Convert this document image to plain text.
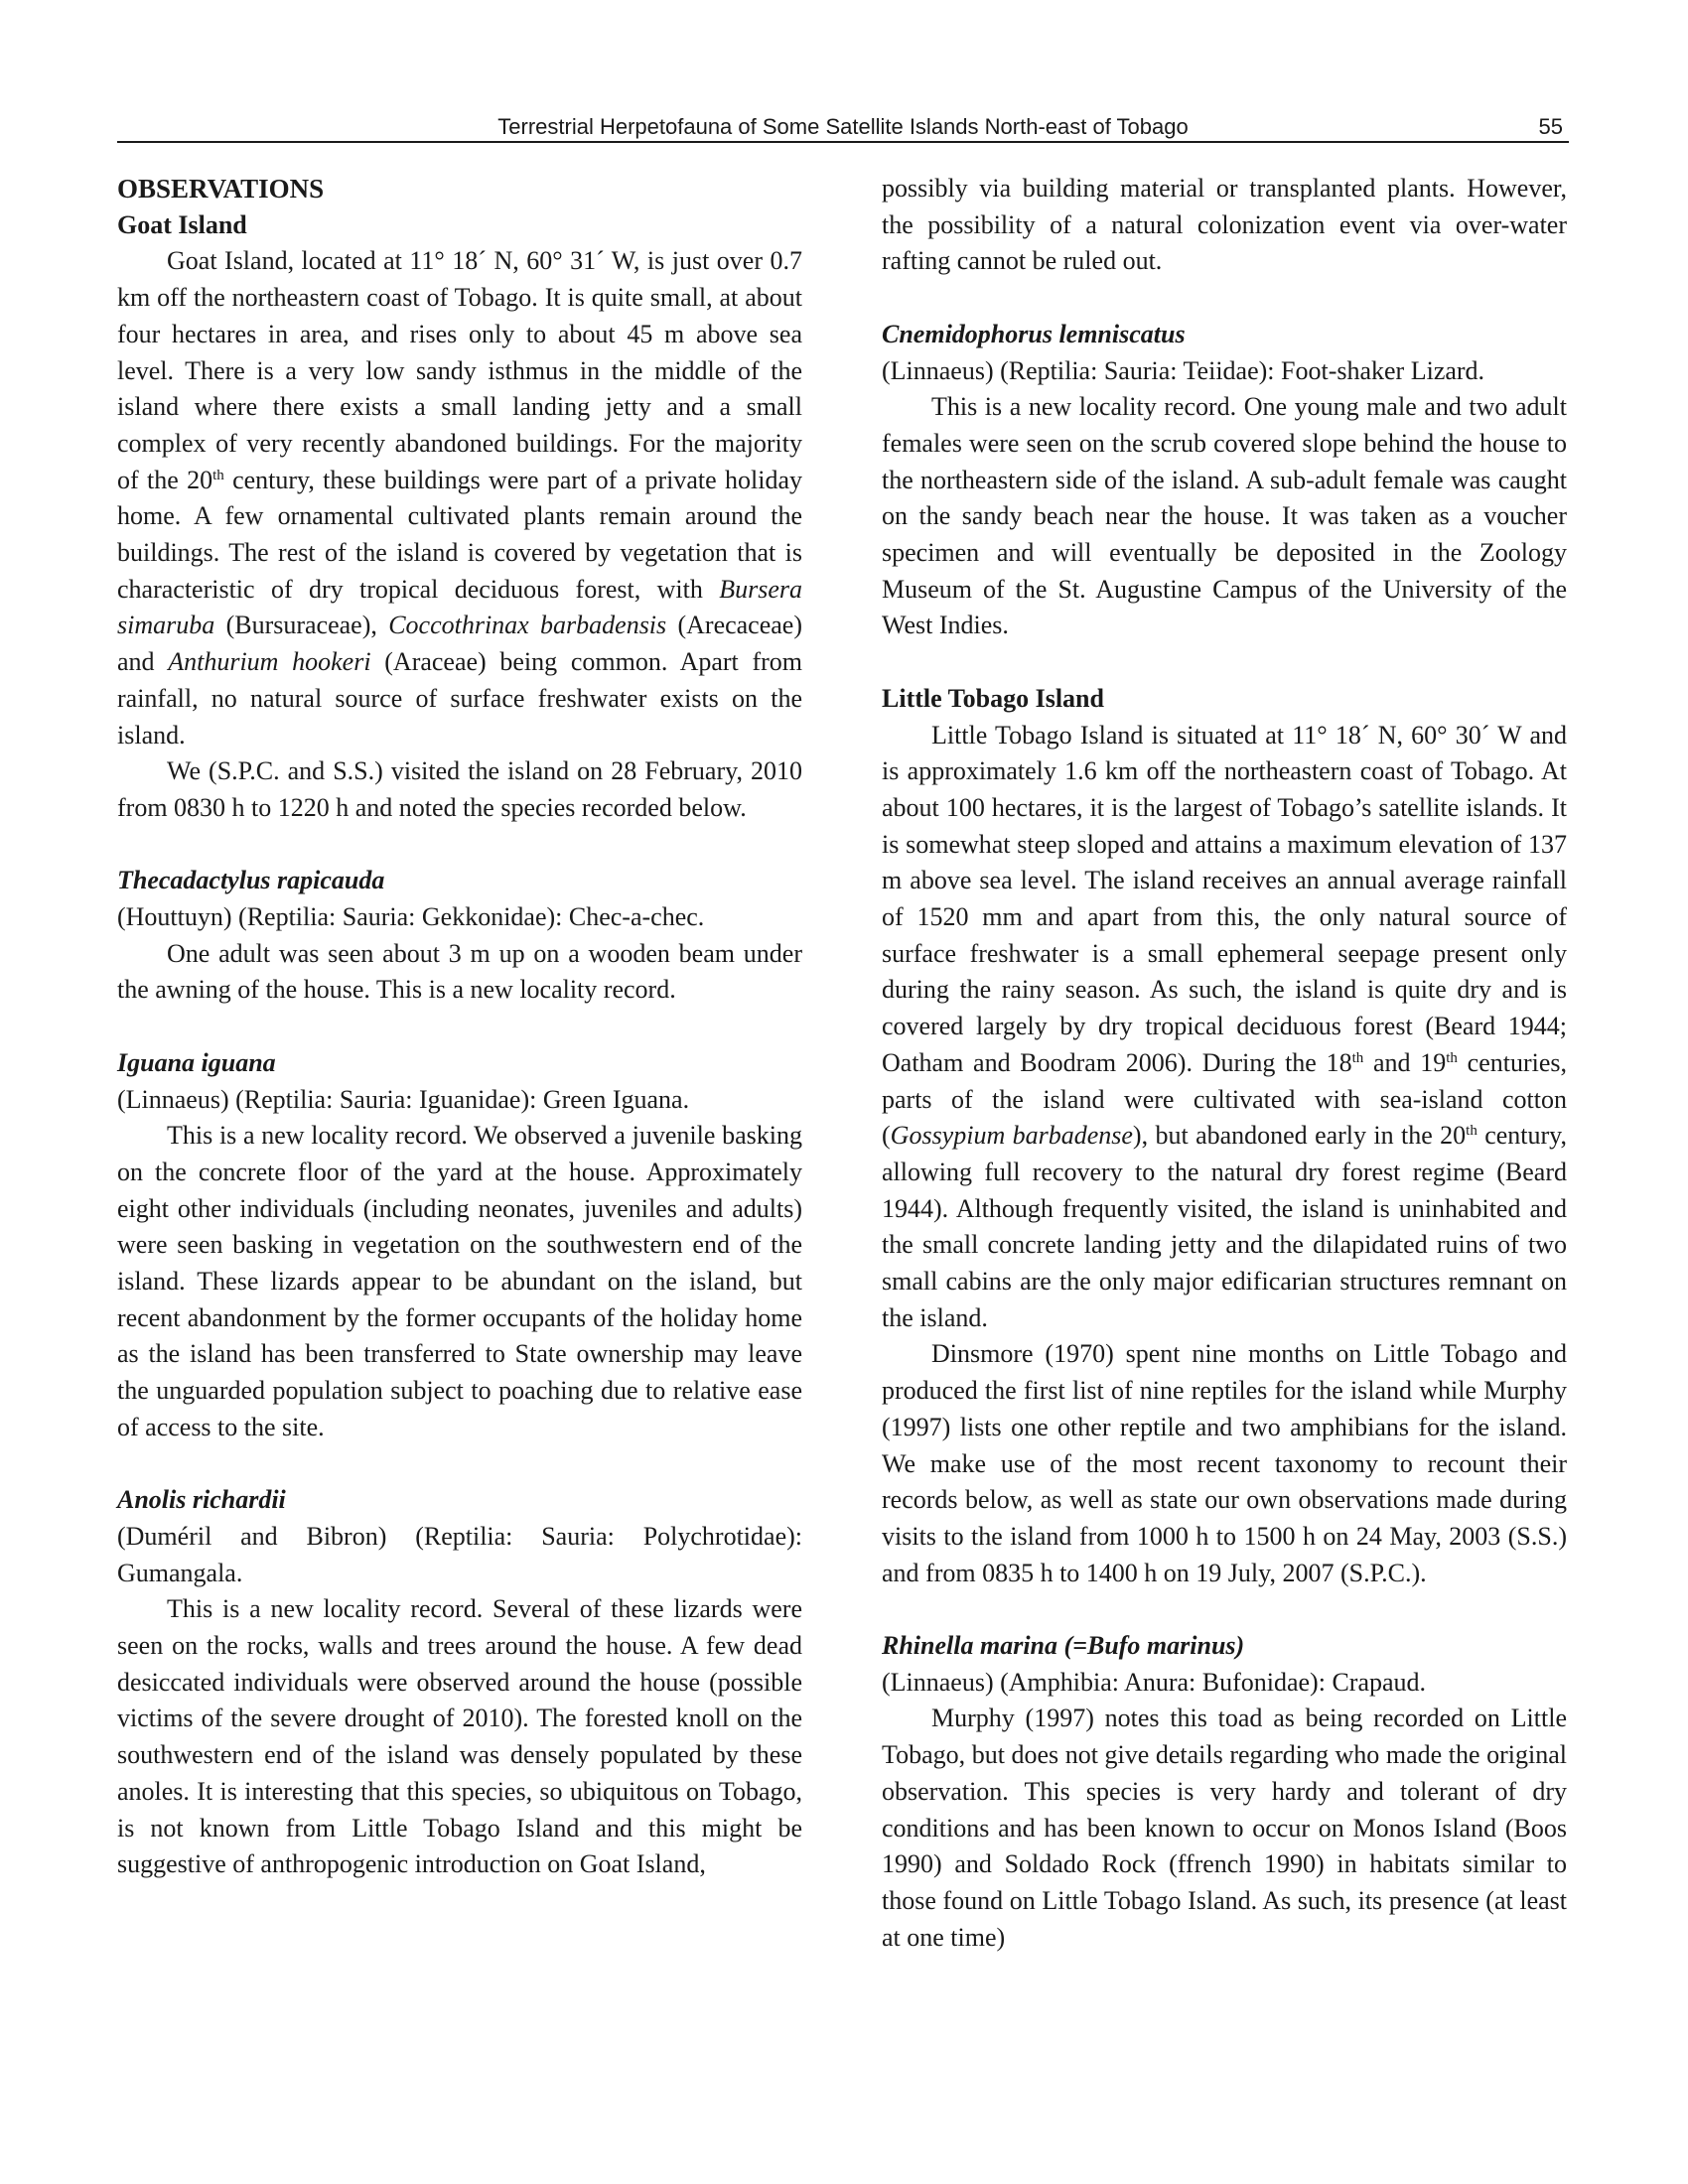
Terrestrial Herpetofauna of Some Satellite Islands North-east of Tobago	55
OBSERVATIONS
Goat Island

Goat Island, located at 11° 18´ N, 60° 31´ W, is just over 0.7 km off the northeastern coast of Tobago. It is quite small, at about four hectares in area, and rises only to about 45 m above sea level. There is a very low sandy isthmus in the middle of the island where there exists a small landing jetty and a small complex of very recently abandoned buildings. For the majority of the 20th century, these buildings were part of a private holiday home. A few ornamental cultivated plants remain around the buildings. The rest of the island is covered by vegetation that is characteristic of dry tropical deciduous forest, with Bursera simaruba (Bursuraceae), Coccothrinax barbadensis (Arecaceae) and Anthurium hookeri (Araceae) being common. Apart from rainfall, no natural source of surface freshwater exists on the island.

We (S.P.C. and S.S.) visited the island on 28 February, 2010 from 0830 h to 1220 h and noted the species recorded below.

Thecadactylus rapicauda

(Houttuyn) (Reptilia: Sauria: Gekkonidae): Chec-a-chec.

One adult was seen about 3 m up on a wooden beam under the awning of the house. This is a new locality record.

Iguana iguana

(Linnaeus) (Reptilia: Sauria: Iguanidae): Green Iguana.

This is a new locality record. We observed a juvenile basking on the concrete floor of the yard at the house. Approximately eight other individuals (including neonates, juveniles and adults) were seen basking in vegetation on the southwestern end of the island. These lizards appear to be abundant on the island, but recent abandonment by the former occupants of the holiday home as the island has been transferred to State ownership may leave the unguarded population subject to poaching due to relative ease of access to the site.

Anolis richardii

(Duméril and Bibron) (Reptilia: Sauria: Polychrotidae): Gumangala.

This is a new locality record. Several of these lizards were seen on the rocks, walls and trees around the house. A few dead desiccated individuals were observed around the house (possible victims of the severe drought of 2010). The forested knoll on the southwestern end of the island was densely populated by these anoles. It is interesting that this species, so ubiquitous on Tobago, is not known from Little Tobago Island and this might be suggestive of anthropogenic introduction on Goat Island,

possibly via building material or transplanted plants. However, the possibility of a natural colonization event via over-water rafting cannot be ruled out.

Cnemidophorus lemniscatus

(Linnaeus) (Reptilia: Sauria: Teiidae): Foot-shaker Lizard.

This is a new locality record. One young male and two adult females were seen on the scrub covered slope behind the house to the northeastern side of the island. A sub-adult female was caught on the sandy beach near the house. It was taken as a voucher specimen and will eventually be deposited in the Zoology Museum of the St. Augustine Campus of the University of the West Indies.

Little Tobago Island

Little Tobago Island is situated at 11° 18´ N, 60° 30´ W and is approximately 1.6 km off the northeastern coast of Tobago. At about 100 hectares, it is the largest of Tobago’s satellite islands. It is somewhat steep sloped and attains a maximum elevation of 137 m above sea level. The island receives an annual average rainfall of 1520 mm and apart from this, the only natural source of surface freshwater is a small ephemeral seepage present only during the rainy season. As such, the island is quite dry and is covered largely by dry tropical deciduous forest (Beard 1944; Oatham and Boodram 2006). During the 18th and 19th centuries, parts of the island were cultivated with sea-island cotton (Gossypium barbadense), but abandoned early in the 20th century, allowing full recovery to the natural dry forest regime (Beard 1944). Although frequently visited, the island is uninhabited and the small concrete landing jetty and the dilapidated ruins of two small cabins are the only major edificarian structures remnant on the island.

Dinsmore (1970) spent nine months on Little Tobago and produced the first list of nine reptiles for the island while Murphy (1997) lists one other reptile and two amphibians for the island. We make use of the most recent taxonomy to recount their records below, as well as state our own observations made during visits to the island from 1000 h to 1500 h on 24 May, 2003 (S.S.) and from 0835 h to 1400 h on 19 July, 2007 (S.P.C.).

Rhinella marina (=Bufo marinus)

(Linnaeus) (Amphibia: Anura: Bufonidae): Crapaud.

Murphy (1997) notes this toad as being recorded on Little Tobago, but does not give details regarding who made the original observation. This species is very hardy and tolerant of dry conditions and has been known to occur on Monos Island (Boos 1990) and Soldado Rock (ffrench 1990) in habitats similar to those found on Little Tobago Island. As such, its presence (at least at one time)
